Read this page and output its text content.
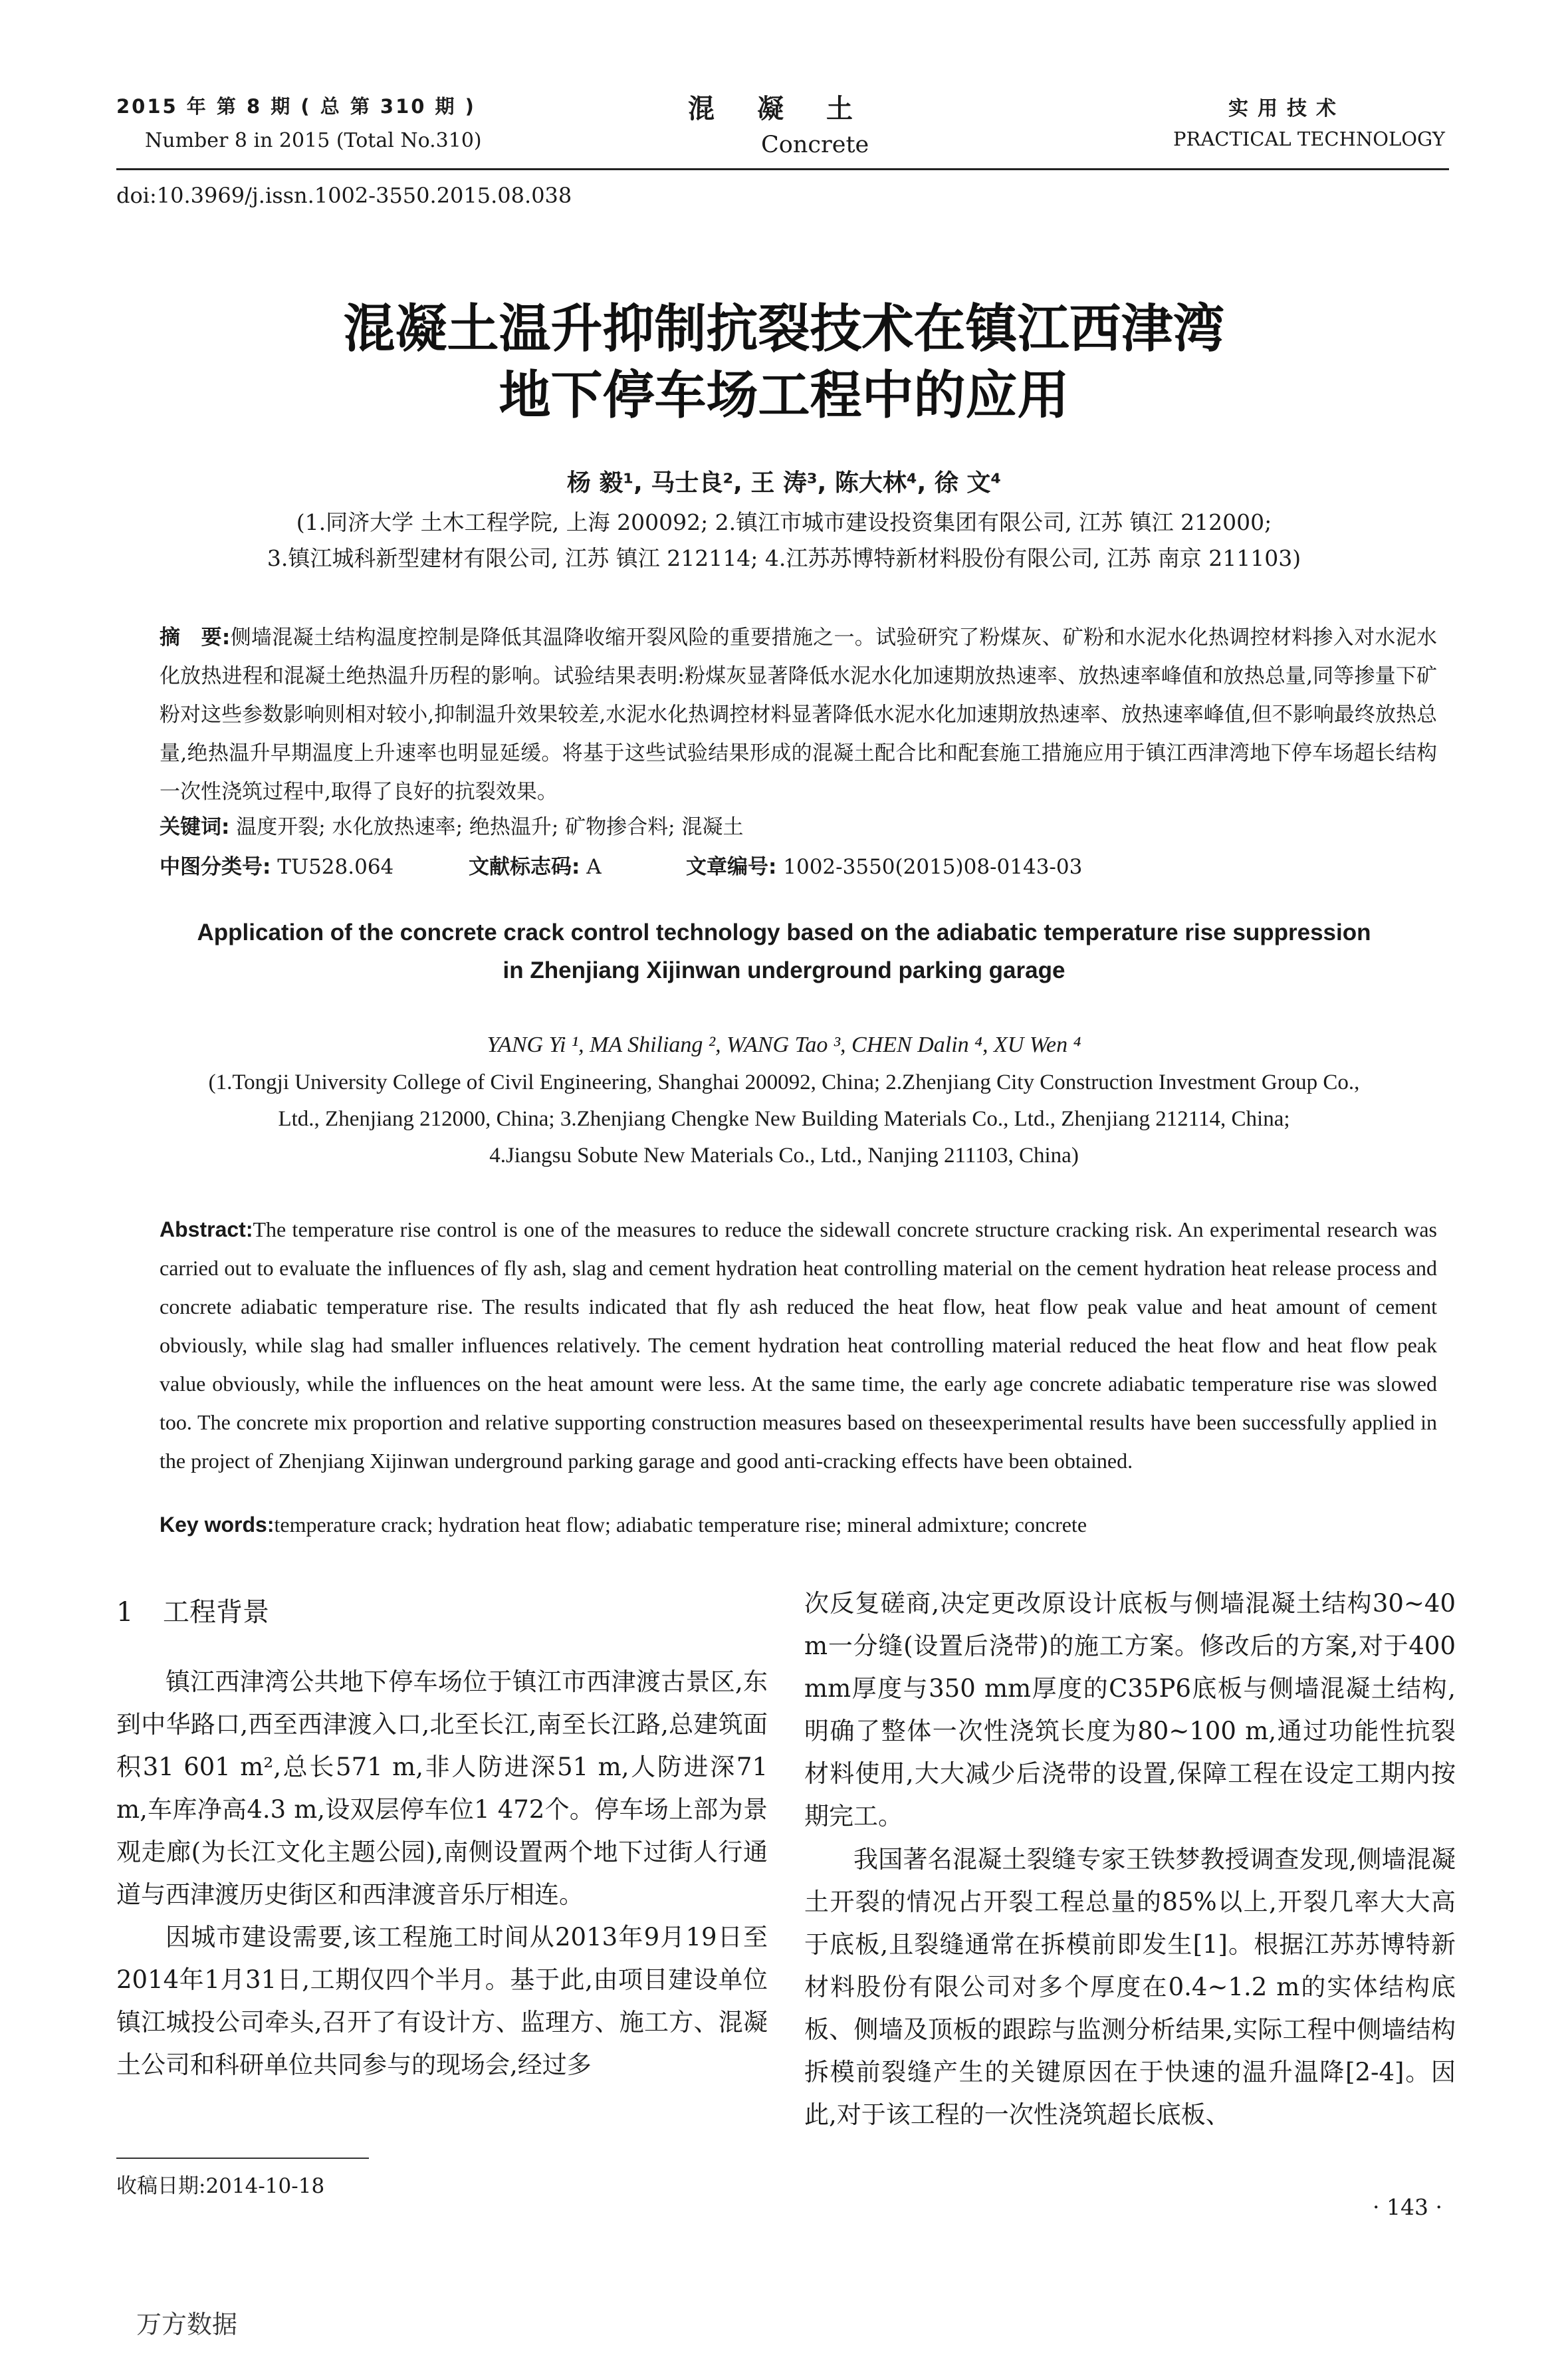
2015 年 第 8 期 ( 总 第 310 期 )
Number 8 in 2015 (Total No.310)
混凝土
Concrete
实用技术
PRACTICAL TECHNOLOGY
doi:10.3969/j.issn.1002-3550.2015.08.038
混凝土温升抑制抗裂技术在镇江西津湾
地下停车场工程中的应用
杨 毅¹, 马士良², 王 涛³, 陈大林⁴, 徐 文⁴
(1.同济大学 土木工程学院, 上海 200092; 2.镇江市城市建设投资集团有限公司, 江苏 镇江 212000;
3.镇江城科新型建材有限公司, 江苏 镇江 212114; 4.江苏苏博特新材料股份有限公司, 江苏 南京 211103)
摘　要:侧墙混凝土结构温度控制是降低其温降收缩开裂风险的重要措施之一。试验研究了粉煤灰、矿粉和水泥水化热调控材料掺入对水泥水化放热进程和混凝土绝热温升历程的影响。试验结果表明:粉煤灰显著降低水泥水化加速期放热速率、放热速率峰值和放热总量,同等掺量下矿粉对这些参数影响则相对较小,抑制温升效果较差,水泥水化热调控材料显著降低水泥水化加速期放热速率、放热速率峰值,但不影响最终放热总量,绝热温升早期温度上升速率也明显延缓。将基于这些试验结果形成的混凝土配合比和配套施工措施应用于镇江西津湾地下停车场超长结构一次性浇筑过程中,取得了良好的抗裂效果。
关键词: 温度开裂; 水化放热速率; 绝热温升; 矿物掺合料; 混凝土
中图分类号: TU528.064	文献标志码: A	文章编号: 1002-3550(2015)08-0143-03
Application of the concrete crack control technology based on the adiabatic temperature rise suppression
in Zhenjiang Xijinwan underground parking garage
YANG Yi ¹, MA Shiliang ², WANG Tao ³, CHEN Dalin ⁴, XU Wen ⁴
(1.Tongji University College of Civil Engineering, Shanghai 200092, China; 2.Zhenjiang City Construction Investment Group Co.,
Ltd., Zhenjiang 212000, China; 3.Zhenjiang Chengke New Building Materials Co., Ltd., Zhenjiang 212114, China;
4.Jiangsu Sobute New Materials Co., Ltd., Nanjing 211103, China)
Abstract:The temperature rise control is one of the measures to reduce the sidewall concrete structure cracking risk. An experimental research was carried out to evaluate the influences of fly ash, slag and cement hydration heat controlling material on the cement hydration heat release process and concrete adiabatic temperature rise. The results indicated that fly ash reduced the heat flow, heat flow peak value and heat amount of cement obviously, while slag had smaller influences relatively. The cement hydration heat controlling material reduced the heat flow and heat flow peak value obviously, while the influences on the heat amount were less. At the same time, the early age concrete adiabatic temperature rise was slowed too. The concrete mix proportion and relative supporting construction measures based on theseexperimental results have been successfully applied in the project of Zhenjiang Xijinwan underground parking garage and good anti-cracking effects have been obtained.
Key words:temperature crack; hydration heat flow; adiabatic temperature rise; mineral admixture; concrete
1 工程背景

镇江西津湾公共地下停车场位于镇江市西津渡古景区,东到中华路口,西至西津渡入口,北至长江,南至长江路,总建筑面积31 601 m²,总长571 m,非人防进深51 m,人防进深71 m,车库净高4.3 m,设双层停车位1 472个。停车场上部为景观走廊(为长江文化主题公园),南侧设置两个地下过街人行通道与西津渡历史街区和西津渡音乐厅相连。

因城市建设需要,该工程施工时间从2013年9月19日至2014年1月31日,工期仅四个半月。基于此,由项目建设单位镇江城投公司牵头,召开了有设计方、监理方、施工方、混凝土公司和科研单位共同参与的现场会,经过多

次反复磋商,决定更改原设计底板与侧墙混凝土结构30~40 m一分缝(设置后浇带)的施工方案。修改后的方案,对于400 mm厚度与350 mm厚度的C35P6底板与侧墙混凝土结构,明确了整体一次性浇筑长度为80~100 m,通过功能性抗裂材料使用,大大减少后浇带的设置,保障工程在设定工期内按期完工。

我国著名混凝土裂缝专家王铁梦教授调查发现,侧墙混凝土开裂的情况占开裂工程总量的85%以上,开裂几率大大高于底板,且裂缝通常在拆模前即发生[1]。根据江苏苏博特新材料股份有限公司对多个厚度在0.4~1.2 m的实体结构底板、侧墙及顶板的跟踪与监测分析结果,实际工程中侧墙结构拆模前裂缝产生的关键原因在于快速的温升温降[2-4]。因此,对于该工程的一次性浇筑超长底板、

收稿日期:2014-10-18
· 143 ·
万方数据
